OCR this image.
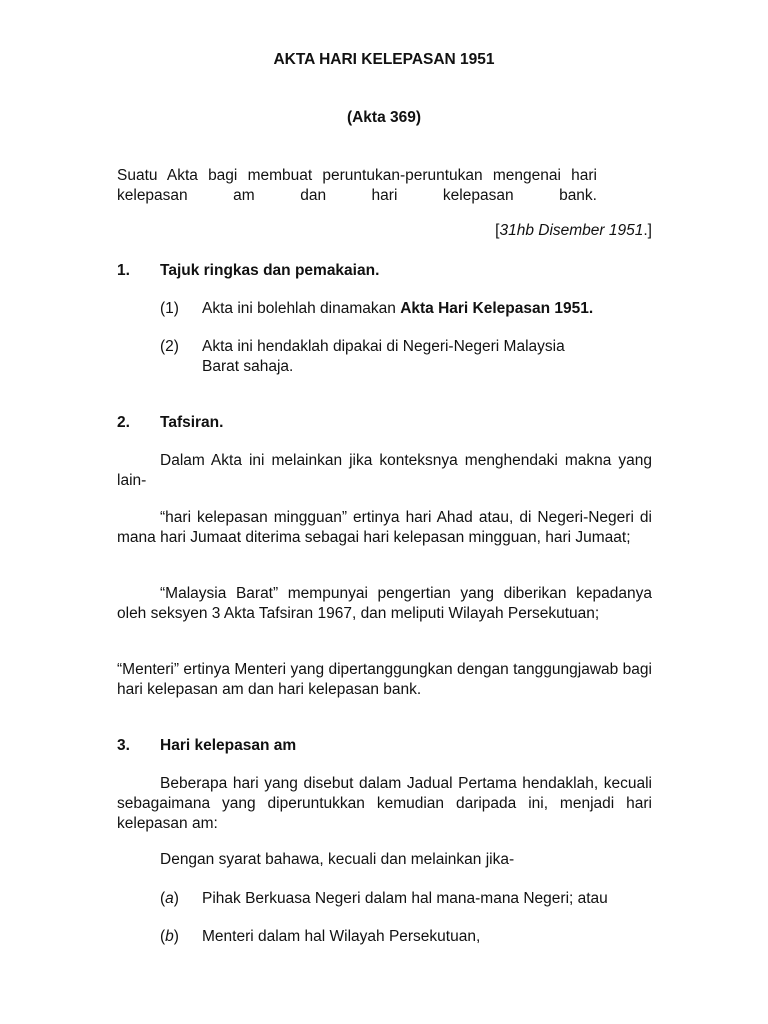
AKTA HARI KELEPASAN 1951
(Akta 369)
Suatu Akta bagi membuat peruntukan-peruntukan mengenai hari kelepasan am dan hari kelepasan bank.
[31hb Disember 1951.]
1. Tajuk ringkas dan pemakaian.
(1) Akta ini bolehlah dinamakan Akta Hari Kelepasan 1951.
(2) Akta ini hendaklah dipakai di Negeri-Negeri Malaysia
Barat sahaja.
2. Tafsiran.
Dalam Akta ini melainkan jika konteksnya menghendaki makna yang lain-
“hari kelepasan mingguan” ertinya hari Ahad atau, di Negeri-Negeri di mana hari Jumaat diterima sebagai hari kelepasan mingguan, hari Jumaat;
“Malaysia Barat” mempunyai pengertian yang diberikan kepadanya oleh seksyen 3 Akta Tafsiran 1967, dan meliputi Wilayah Persekutuan;
“Menteri” ertinya Menteri yang dipertanggungkan dengan tanggungjawab bagi hari kelepasan am dan hari kelepasan bank.
3. Hari kelepasan am
Beberapa hari yang disebut dalam Jadual Pertama hendaklah, kecuali sebagaimana yang diperuntukkan kemudian daripada ini, menjadi hari kelepasan am:
Dengan syarat bahawa, kecuali dan melainkan jika-
(a) Pihak Berkuasa Negeri dalam hal mana-mana Negeri; atau
(b) Menteri dalam hal Wilayah Persekutuan,
